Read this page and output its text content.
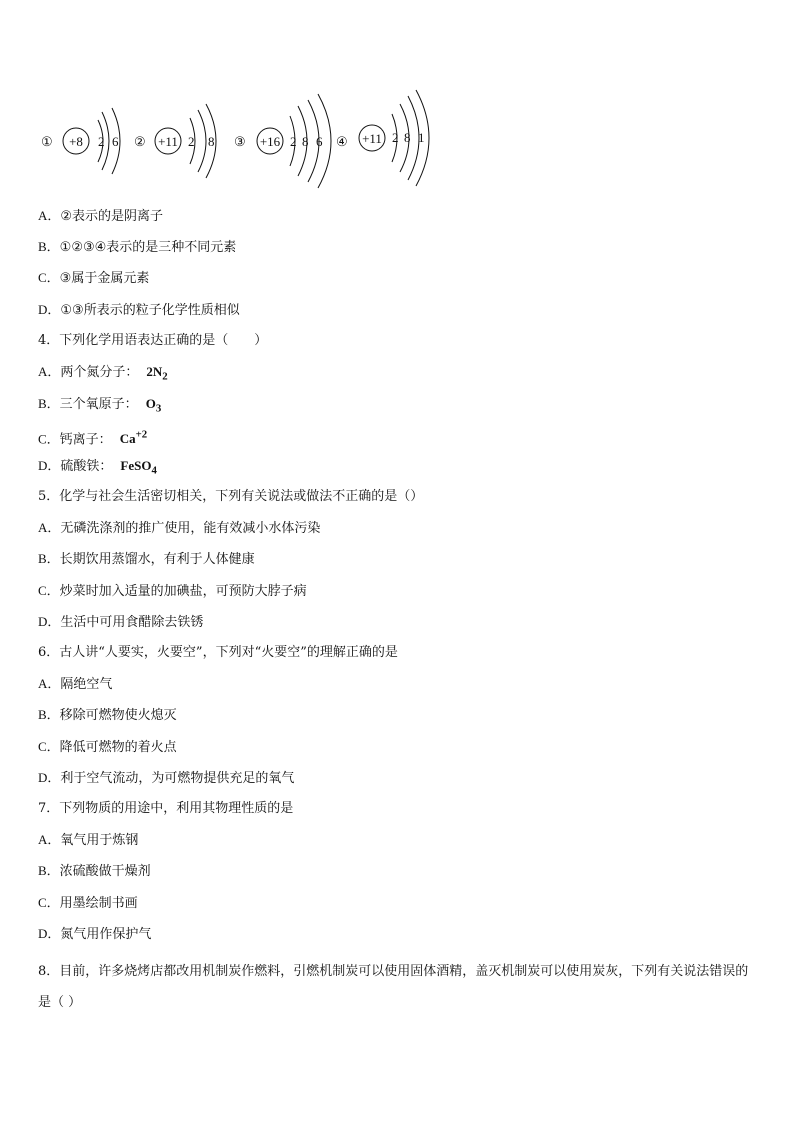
① +8 2 6 ② +11 2 8 ③ +16 2 8 6 ④ +11 2 8 1
A．②表示的是阴离子
B．①②③④表示的是三种不同元素
C．③属于金属元素
D．①③所表示的粒子化学性质相似
4．下列化学用语表达正确的是（　　）
A．两个氮分子： $2N_2$
B．三个氧原子： $O_3$
C．钙离子： $Ca^{+2}$
D．硫酸铁： FeSO$_4$
5．化学与社会生活密切相关，下列有关说法或做法不正确的是（）
A．无磷洗涤剂的推广使用，能有效减小水体污染
B．长期饮用蒸馏水，有利于人体健康
C．炒菜时加入适量的加碘盐，可预防大脖子病
D．生活中可用食醋除去铁锈
6．古人讲“人要实，火要空”，下列对“火要空”的理解正确的是
A．隔绝空气
B．移除可燃物使火熄灭
C．降低可燃物的着火点
D．利于空气流动，为可燃物提供充足的氧气
7．下列物质的用途中，利用其物理性质的是
A．氧气用于炼钢
B．浓硫酸做干燥剂
C．用墨绘制书画
D．氮气用作保护气
8．目前，许多烧烤店都改用机制炭作燃料，引燃机制炭可以使用固体酒精，盖灭机制炭可以使用炭灰，下列有关说法错误的是（ ）
